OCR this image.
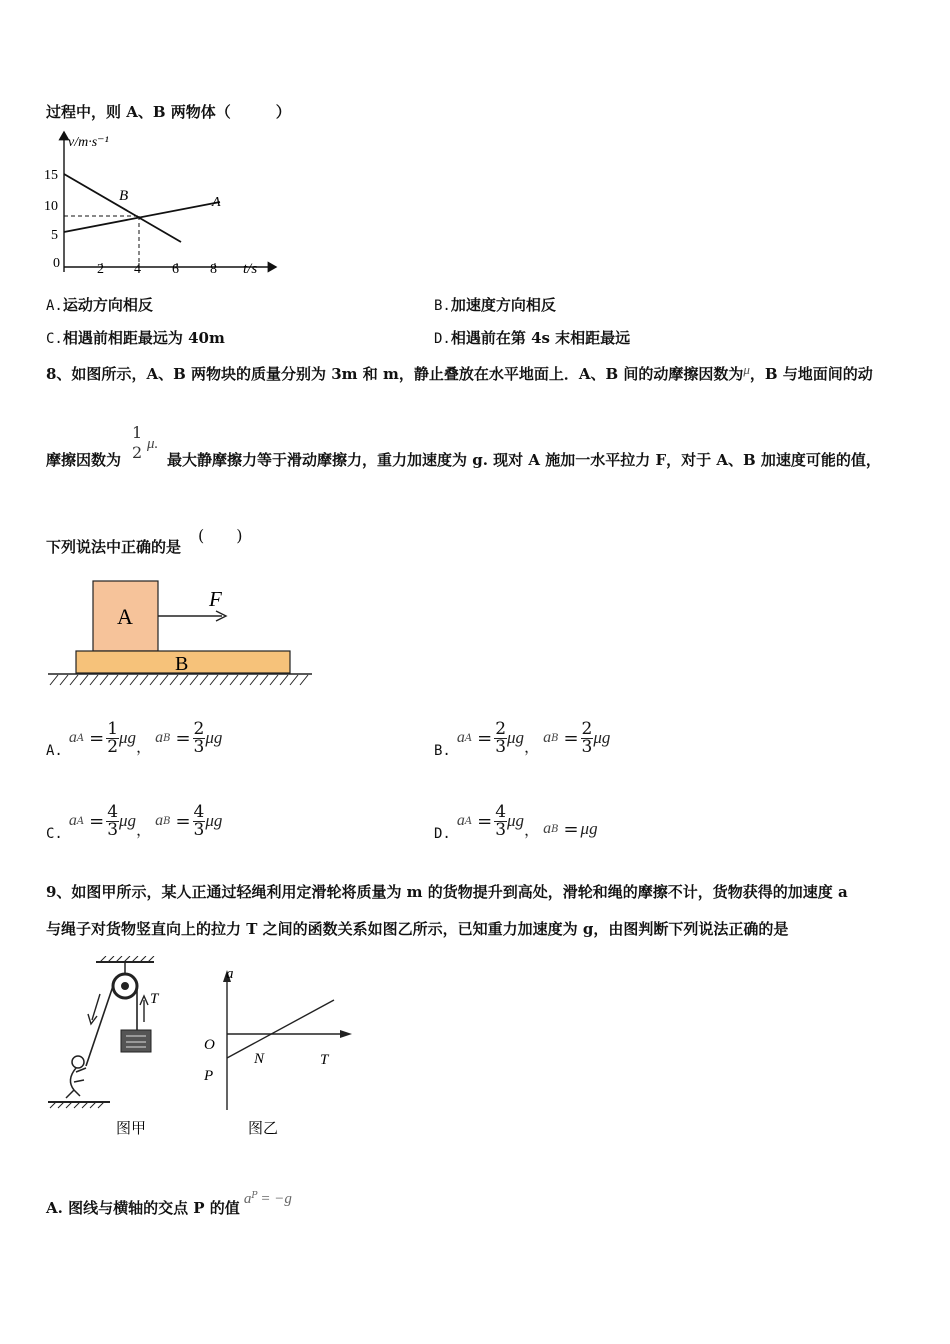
过程中，则 A、B 两物体（　　　）
v/m·s⁻¹
t/s
15
10
5
0	2 4 6 8
B	A
A.运动方向相反	B.加速度方向相反
C.相遇前相距最远为 40m	D.相遇前在第 4s 末相距最远
8、如图所示，A、B 两物块的质量分别为 3m 和 m，静止叠放在水平地面上．A、B 间的动摩擦因数为μ，B 与地面间的动
摩擦因数为
1
2 μ.
最大静摩擦力等于滑动摩擦力，重力加速度为 g. 现对 A 施加一水平拉力 F，对于 A、B 加速度可能的值，
下列说法中正确的是
(　　)
A
B
F
A.
a $A = \frac{1}{2}$ μg ， a $B = \frac{2}{3}$ μg
B.
a $A = \frac{2}{3}$ μg ， a $B = \frac{2}{3}$ μg
C.
a $A = \frac{4}{3}$ μg ， a $B = \frac{4}{3}$ μg
D.
a $A = \frac{4}{3}$ μg ， a B = μg
9、如图甲所示，某人正通过轻绳利用定滑轮将质量为 m 的货物提升到高处，滑轮和绳的摩擦不计，货物获得的加速度 a
与绳子对货物竖直向上的拉力 T 之间的函数关系如图乙所示，已知重力加速度为 g，由图判断下列说法正确的是
T
图甲
a
O
N	T
P
图乙
A. 图线与横轴的交点 P 的值 a P = −g
